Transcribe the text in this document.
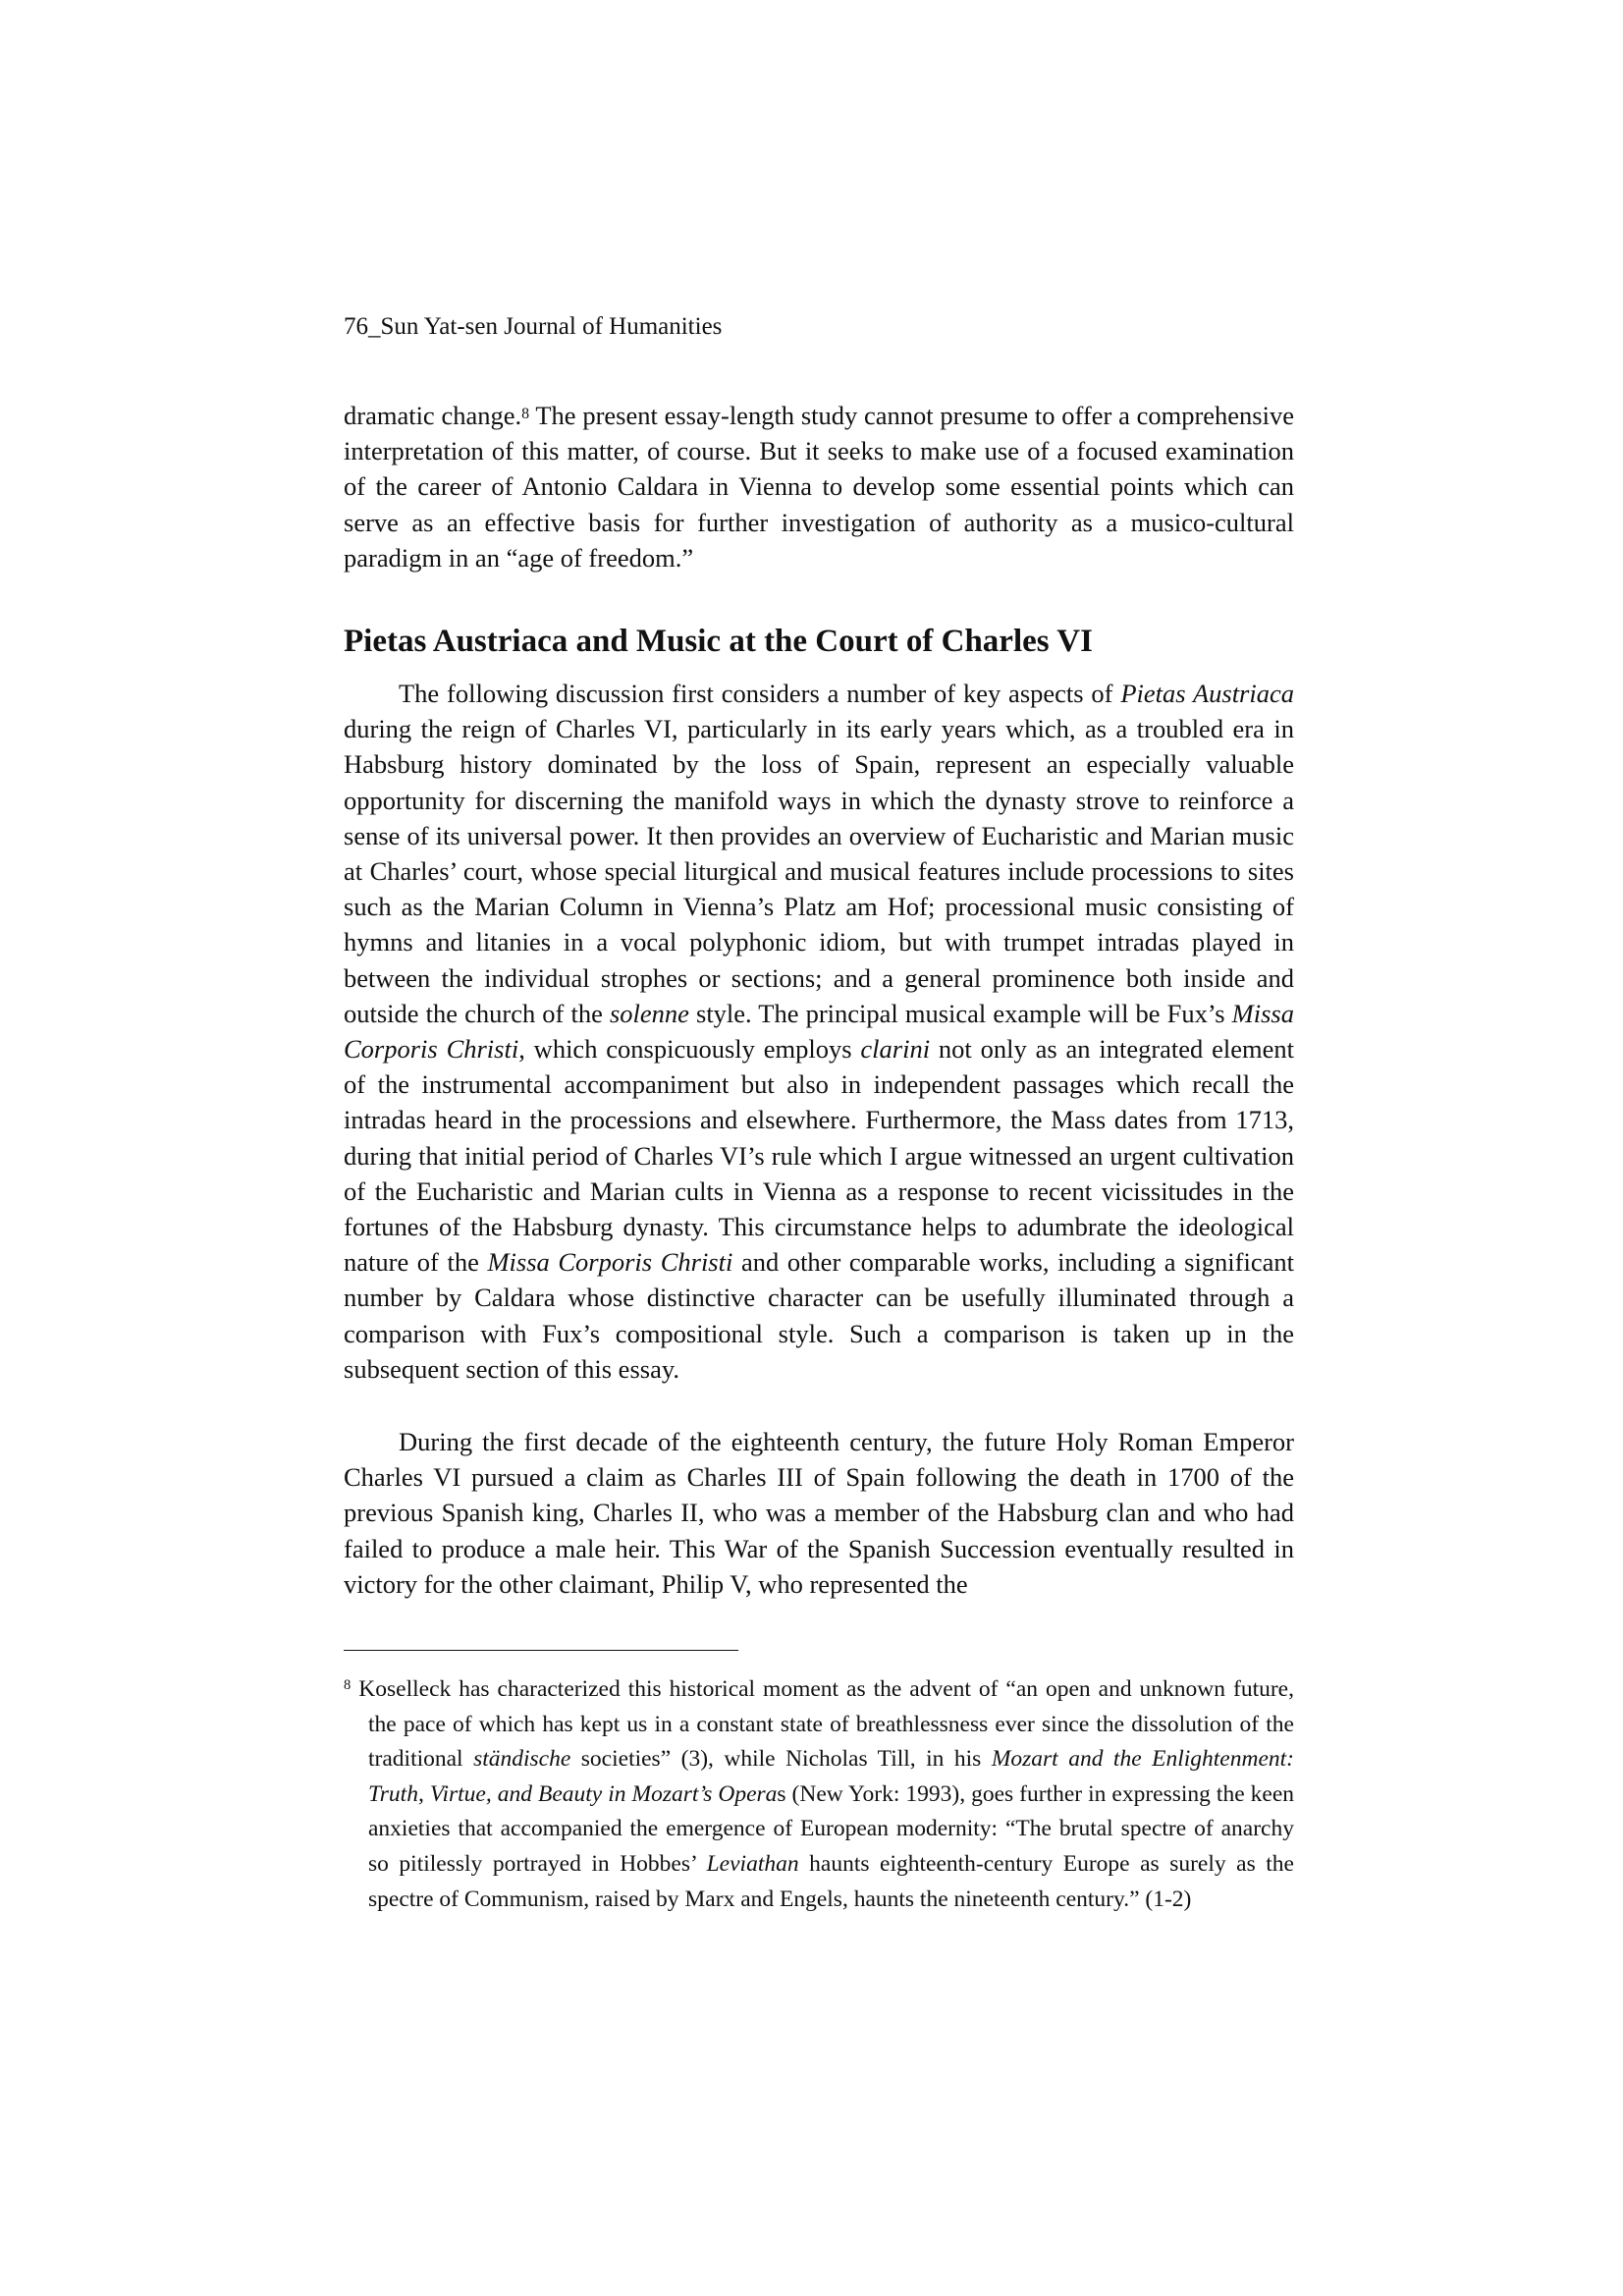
76_Sun Yat-sen Journal of Humanities

dramatic change.$^8$ The present essay-length study cannot presume to offer a comprehensive interpretation of this matter, of course. But it seeks to make use of a focused examination of the career of Antonio Caldara in Vienna to develop some essential points which can serve as an effective basis for further investigation of authority as a musico-cultural paradigm in an “age of freedom.”

Pietas Austriaca and Music at the Court of Charles VI

The following discussion first considers a number of key aspects of Pietas Austriaca during the reign of Charles VI, particularly in its early years which, as a troubled era in Habsburg history dominated by the loss of Spain, represent an especially valuable opportunity for discerning the manifold ways in which the dynasty strove to reinforce a sense of its universal power. It then provides an overview of Eucharistic and Marian music at Charles’ court, whose special liturgical and musical features include processions to sites such as the Marian Column in Vienna’s Platz am Hof; processional music consisting of hymns and litanies in a vocal polyphonic idiom, but with trumpet intradas played in between the individual strophes or sections; and a general prominence both inside and outside the church of the solenne style. The principal musical example will be Fux’s Missa Corporis Christi, which conspicuously employs clarini not only as an integrated element of the instrumental accompaniment but also in independent passages which recall the intradas heard in the processions and elsewhere. Furthermore, the Mass dates from 1713, during that initial period of Charles VI’s rule which I argue witnessed an urgent cultivation of the Eucharistic and Marian cults in Vienna as a response to recent vicissitudes in the fortunes of the Habsburg dynasty. This circumstance helps to adumbrate the ideological nature of the Missa Corporis Christi and other comparable works, including a significant number by Caldara whose distinctive character can be usefully illuminated through a comparison with Fux’s compositional style. Such a comparison is taken up in the subsequent section of this essay.

During the first decade of the eighteenth century, the future Holy Roman Emperor Charles VI pursued a claim as Charles III of Spain following the death in 1700 of the previous Spanish king, Charles II, who was a member of the Habsburg clan and who had failed to produce a male heir. This War of the Spanish Succession eventually resulted in victory for the other claimant, Philip V, who represented the

$^8$ Koselleck has characterized this historical moment as the advent of “an open and unknown future, the pace of which has kept us in a constant state of breathlessness ever since the dissolution of the traditional ständische societies” (3), while Nicholas Till, in his Mozart and the Enlightenment: Truth, Virtue, and Beauty in Mozart’s Operas (New York: 1993), goes further in expressing the keen anxieties that accompanied the emergence of European modernity: “The brutal spectre of anarchy so pitilessly portrayed in Hobbes’ Leviathan haunts eighteenth-century Europe as surely as the spectre of Communism, raised by Marx and Engels, haunts the nineteenth century.” (1-2)
